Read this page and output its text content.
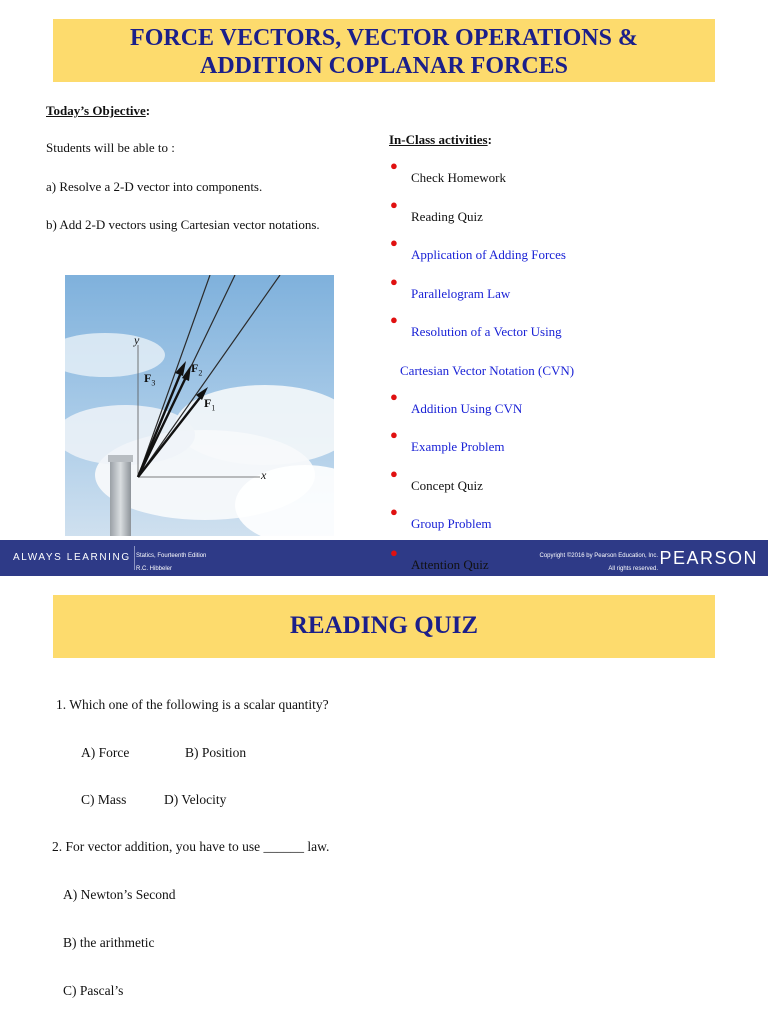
FORCE VECTORS, VECTOR OPERATIONS &
ADDITION COPLANAR FORCES
Today’s Objective:
Students will be able to :
a) Resolve a 2-D vector into components.
b) Add 2-D vectors using Cartesian vector notations.
y
x
$F_3$
$F_2$
$F_1$
In-Class activities:
●
Check Homework
●
Reading Quiz
●
Application of Adding Forces
●
Parallelogram Law
●
Resolution of a Vector Using
Cartesian Vector Notation (CVN)
●
Addition Using CVN
●
Example Problem
●
Concept Quiz
●
Group Problem
ALWAYS LEARNING Statics, Fourteenth Edition
R.C. Hibbeler
Copyright ©2016 by Pearson Education, Inc.
All rights reserved.
PEARSON
●
Attention Quiz
READING QUIZ
1. Which one of the following is a scalar quantity?
A) Force	B) Position
C) Mass	D) Velocity
2. For vector addition, you have to use ______ law.
A) Newton’s Second
B) the arithmetic
C) Pascal’s
